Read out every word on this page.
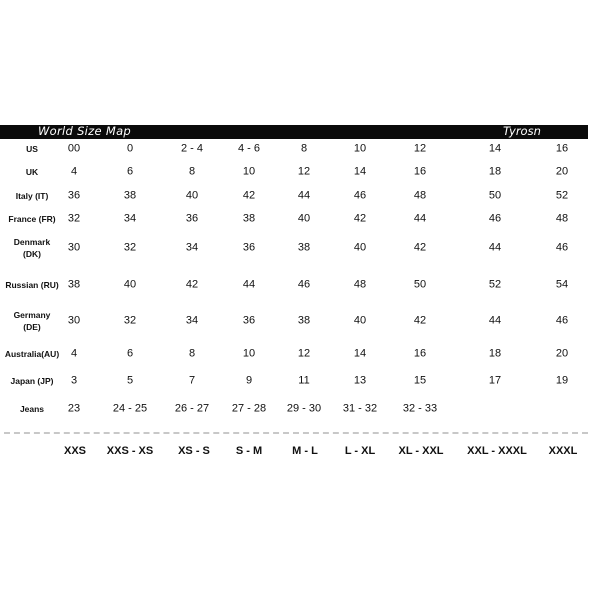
World Size Map	Tyrosn
US	00	0	2 - 4	4 - 6	8	10	12	14	16
UK	4	6	8	10	12	14	16	18	20
Italy (IT)	36	38	40	42	44	46	48	50	52
France (FR)	32	34	36	38	40	42	44	46	48
Denmark
(DK)
30	32	34	36	38	40	42	44	46
Russian (RU) 38	40	42	44	46	48	50	52	54
Germany
(DE)
30	32	34	36	38	40	42	44	46
Australia(AU)	4	6	8	10	12	14	16	18	20
Japan (JP)	3	5	7	9	11	13	15	17	19
Jeans	23	24 - 25	26 - 27	27 - 28	29 - 30	31 - 32	32 - 33
XXS	XXS - XS	XS - S	S - M	M - L	L - XL	XL - XXL	XXL - XXXL	XXXL
